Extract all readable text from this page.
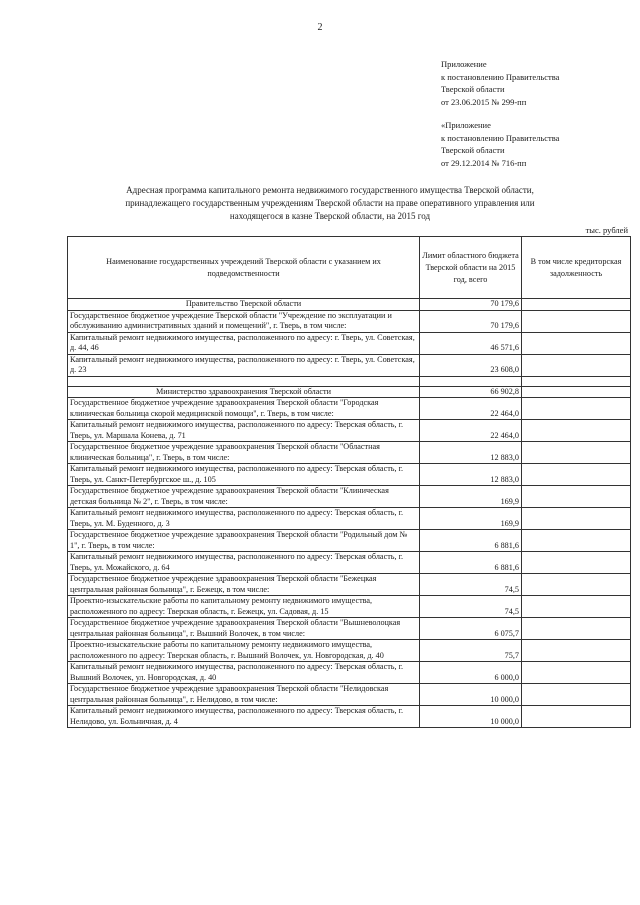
2
Приложение
к постановлению Правительства
Тверской области
от 23.06.2015 № 299-пп
«Приложение
к постановлению Правительства
Тверской области
от 29.12.2014 № 716-пп
Адресная программа капитального ремонта недвижимого государственного имущества Тверской области,
принадлежащего государственным учреждениям Тверской области на праве оперативного управления или
находящегося в казне Тверской области, на 2015 год
тыс. рублей
Наименование государственных учреждений Тверской области с указанием их подведомственности	Лимит областного бюджета Тверской области на 2015 год, всего	В том числе кредиторская задолженность
Правительство Тверской области	70 179,6	
Государственное бюджетное учреждение Тверской области "Учреждение по эксплуатации и обслуживанию административных зданий и помещений", г. Тверь, в том числе:	70 179,6	
Капитальный ремонт недвижимого имущества, расположенного по адресу: г. Тверь, ул. Советская, д. 44, 46	46 571,6	
Капитальный ремонт недвижимого имущества, расположенного по адресу: г. Тверь, ул. Советская, д. 23	23 608,0	

Министерство здравоохранения Тверской области	66 902,8	
Государственное бюджетное учреждение здравоохранения Тверской области "Городская клиническая больница скорой медицинской помощи", г. Тверь, в том числе:	22 464,0	
Капитальный ремонт недвижимого имущества, расположенного по адресу: Тверская область, г. Тверь, ул. Маршала Конева, д. 71	22 464,0	
Государственное бюджетное учреждение здравоохранения Тверской области "Областная клиническая больница", г. Тверь, в том числе:	12 883,0	
Капитальный ремонт недвижимого имущества, расположенного по адресу: Тверская область, г. Тверь, ул. Санкт-Петербургское ш., д. 105	12 883,0	
Государственное бюджетное учреждение здравоохранения Тверской области "Клиническая детская больница № 2", г. Тверь, в том числе:	169,9	
Капитальный ремонт недвижимого имущества, расположенного по адресу: Тверская область, г. Тверь, ул. М. Буденного, д. 3	169,9	
Государственное бюджетное учреждение здравоохранения Тверской области "Родильный дом № 1", г. Тверь, в том числе:	6 881,6	
Капитальный ремонт недвижимого имущества, расположенного по адресу: Тверская область, г. Тверь, ул. Можайского, д. 64	6 881,6	
Государственное бюджетное учреждение здравоохранения Тверской области "Бежецкая центральная районная больница", г. Бежецк, в том числе:	74,5	
Проектно-изыскательские работы по капитальному ремонту недвижимого имущества, расположенного по адресу: Тверская область, г. Бежецк, ул. Садовая, д. 15	74,5	
Государственное бюджетное учреждение здравоохранения Тверской области "Вышневолоцкая центральная районная больница", г. Вышний Волочек, в том числе:	6 075,7	
Проектно-изыскательские работы по капитальному ремонту недвижимого имущества, расположенного по адресу: Тверская область, г. Вышний Волочек, ул. Новгородская, д. 40	75,7	
Капитальный ремонт недвижимого имущества, расположенного по адресу: Тверская область, г. Вышний Волочек, ул. Новгородская, д. 40	6 000,0	
Государственное бюджетное учреждение здравоохранения Тверской области "Нелидовская центральная районная больница", г. Нелидово, в том числе:	10 000,0	
Капитальный ремонт недвижимого имущества, расположенного по адресу: Тверская область, г. Нелидово, ул. Больничная, д. 4	10 000,0	
